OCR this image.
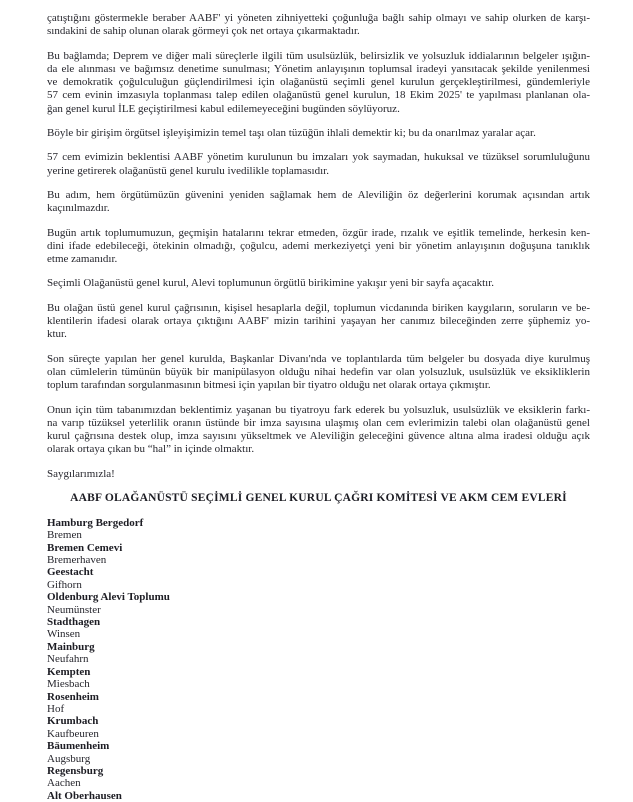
çatıştığını göstermekle beraber AABF' yi yöneten zihniyetteki çoğunluğa bağlı sahip olmayı ve sahip olurken de karşı-
sındakini de sahip olunan olarak görmeyi çok net ortaya çıkarmaktadır.
Bu bağlamda; Deprem ve diğer mali süreçlerle ilgili tüm usulsüzlük, belirsizlik ve yolsuzluk iddialarının belgeler ışığın-
da ele alınması ve bağımsız denetime sunulması; Yönetim anlayışının toplumsal iradeyi yansıtacak şekilde yenilenmesi
ve demokratik çoğulculuğun güçlendirilmesi için olağanüstü seçimli genel kurulun gerçekleştirilmesi, gündemleriyle
57 cem evinin imzasıyla toplanması talep edilen olağanüstü genel kurulun, 18 Ekim 2025' te yapılması planlanan ola-
ğan genel kurul İLE geçiştirilmesi kabul edilemeyeceğini bugünden söylüyoruz.
Böyle bir girişim örgütsel işleyişimizin temel taşı olan tüzüğün ihlali demektir ki; bu da onarılmaz yaralar açar.
57 cem evimizin beklentisi AABF yönetim kurulunun bu imzaları yok saymadan, hukuksal ve tüzüksel sorumluluğunu
yerine getirerek olağanüstü genel kurulu ivedilikle toplamasıdır.
Bu adım, hem örgütümüzün güvenini yeniden sağlamak hem de Aleviliğin öz değerlerini korumak açısından artık
kaçınılmazdır.
Bugün artık toplumumuzun, geçmişin hatalarını tekrar etmeden, özgür irade, rızalık ve eşitlik temelinde, herkesin ken-
dini ifade edebileceği, ötekinin olmadığı, çoğulcu, ademi merkeziyetçi yeni bir yönetim anlayışının doğuşuna tanıklık
etme zamanıdır.
Seçimli Olağanüstü genel kurul, Alevi toplumunun örgütlü birikimine yakışır yeni bir sayfa açacaktır.
Bu olağan üstü genel kurul çağrısının, kişisel hesaplarla değil, toplumun vicdanında biriken kaygıların, soruların ve be-
klentilerin ifadesi olarak ortaya çıktığını AABF' mizin tarihini yaşayan her canımız bileceğinden zerre şüphemiz yo-
ktur.
Son süreçte yapılan her genel kurulda, Başkanlar Divanı'nda ve toplantılarda tüm belgeler bu dosyada diye kurulmuş
olan cümlelerin tümünün büyük bir manipülasyon olduğu nihai hedefin var olan yolsuzluk, usulsüzlük ve eksikliklerin
toplum tarafından sorgulanmasının bitmesi için yapılan bir tiyatro olduğu net olarak ortaya çıkmıştır.
Onun için tüm tabanımızdan beklentimiz yaşanan bu tiyatroyu fark ederek bu yolsuzluk, usulsüzlük ve eksiklerin farkı-
na varıp tüzüksel yeterlilik oranın üstünde bir imza sayısına ulaşmış olan cem evlerimizin talebi olan olağanüstü genel
kurul çağrısına destek olup, imza sayısını yükseltmek ve Aleviliğin geleceğini güvence altına alma iradesi olduğu açık
olarak ortaya çıkan bu “hal” in içinde olmaktır.

Saygılarımızla!

AABF OLAĞANÜSTÜ SEÇİMLİ GENEL KURUL ÇAĞRI KOMİTESİ VE AKM CEM EVLERİ
Hamburg Bergedorf
Bremen
Bremen Cemevi
Bremerhaven
Geestacht
Gifhorn
Oldenburg Alevi Toplumu
Neumünster
Stadthagen
Winsen
Mainburg
Neufahrn
Kempten
Miesbach
Rosenheim
Hof
Krumbach
Kaufbeuren
Bäumenheim
Augsburg
Regensburg
Aachen
Alt Oberhausen
